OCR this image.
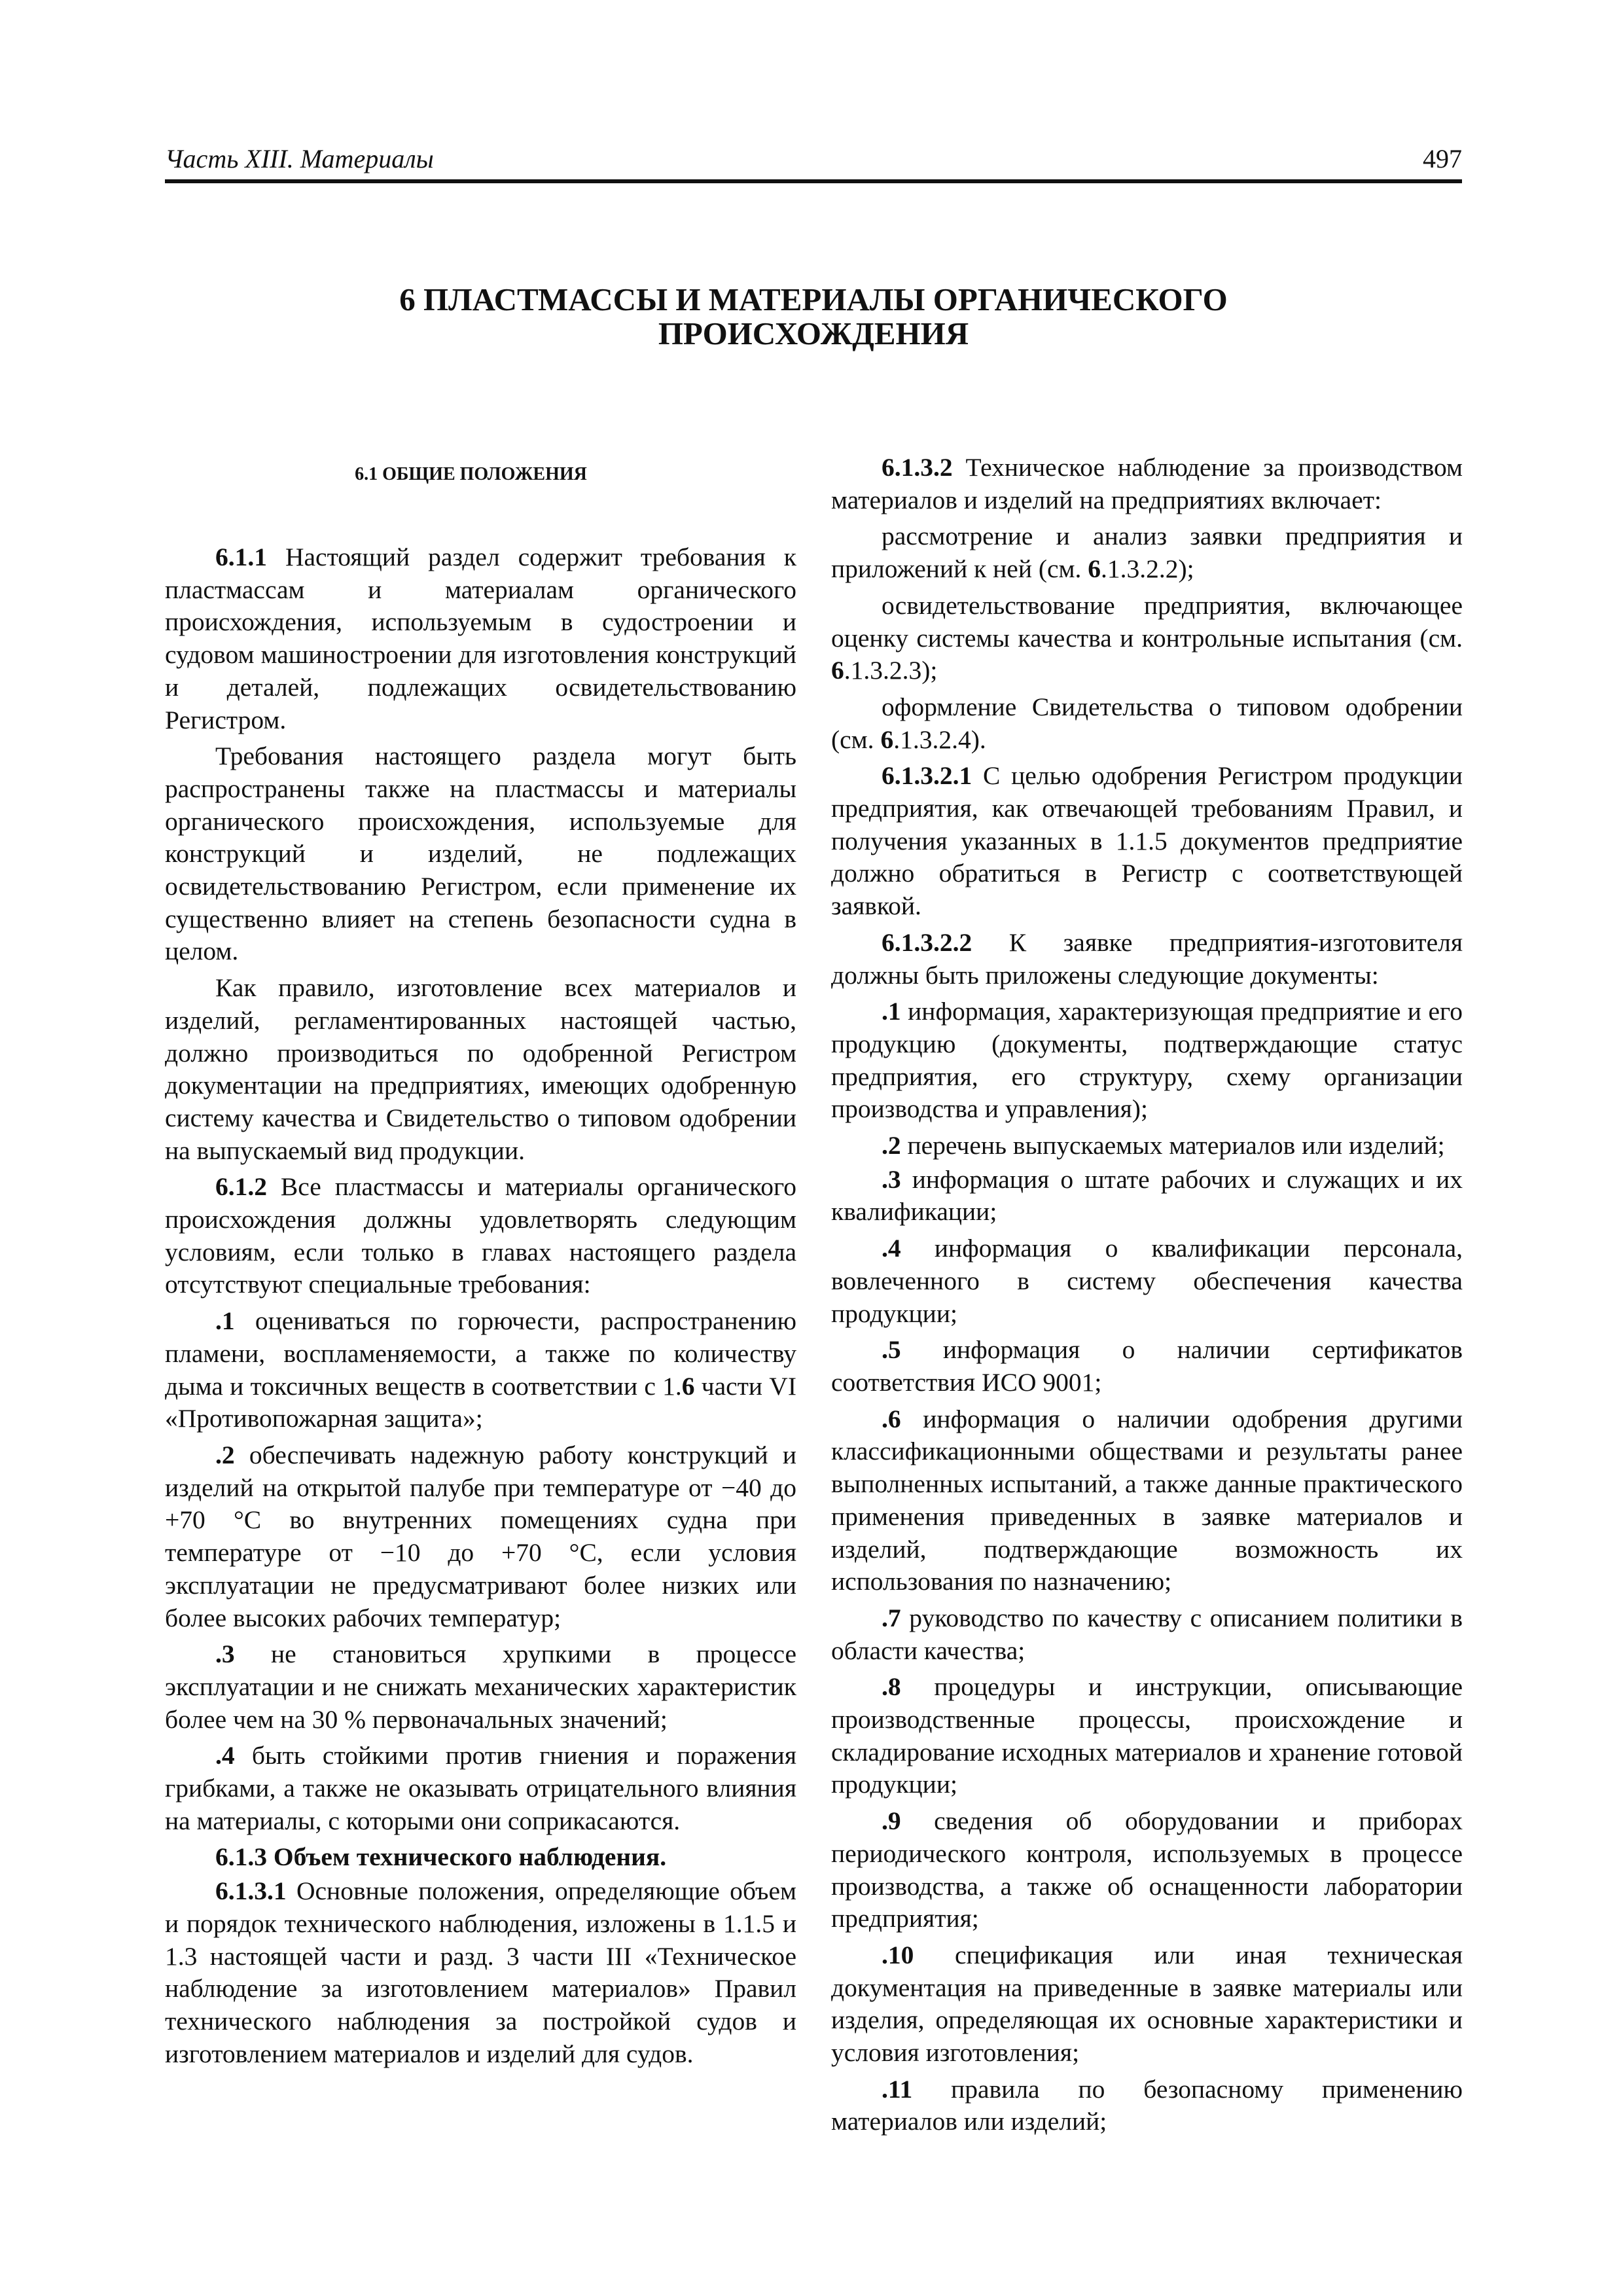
Часть XIII. Материалы	497
6 ПЛАСТМАССЫ И МАТЕРИАЛЫ ОРГАНИЧЕСКОГО
ПРОИСХОЖДЕНИЯ
6.1 ОБЩИЕ ПОЛОЖЕНИЯ

6.1.1 Настоящий раздел содержит требования к пластмассам и материалам органического происхождения, используемым в судостроении и судовом машиностроении для изготовления конструкций и деталей, подлежащих освидетельствованию Регистром.

Требования настоящего раздела могут быть распространены также на пластмассы и материалы органического происхождения, используемые для конструкций и изделий, не подлежащих освидетельствованию Регистром, если применение их существенно влияет на степень безопасности судна в целом.

Как правило, изготовление всех материалов и изделий, регламентированных настоящей частью, должно производиться по одобренной Регистром документации на предприятиях, имеющих одобренную систему качества и Свидетельство о типовом одобрении на выпускаемый вид продукции.

6.1.2 Все пластмассы и материалы органического происхождения должны удовлетворять следующим условиям, если только в главах настоящего раздела отсутствуют специальные требования:

.1 оцениваться по горючести, распространению пламени, воспламеняемости, а также по количеству дыма и токсичных веществ в соответствии с 1.6 части VI «Противопожарная защита»;

.2 обеспечивать надежную работу конструкций и изделий на открытой палубе при температуре от −40 до +70 °C во внутренних помещениях судна при температуре от −10 до +70 °C, если условия эксплуатации не предусматривают более низких или более высоких рабочих температур;

.3 не становиться хрупкими в процессе эксплуатации и не снижать механических характеристик более чем на 30 % первоначальных значений;

.4 быть стойкими против гниения и поражения грибками, а также не оказывать отрицательного влияния на материалы, с которыми они соприкасаются.

6.1.3 Объем технического наблюдения.

6.1.3.1 Основные положения, определяющие объем и порядок технического наблюдения, изложены в 1.1.5 и 1.3 настоящей части и разд. 3 части III «Техническое наблюдение за изготовлением материалов» Правил технического наблюдения за постройкой судов и изготовлением материалов и изделий для судов.

6.1.3.2 Техническое наблюдение за производством материалов и изделий на предприятиях включает:

рассмотрение и анализ заявки предприятия и приложений к ней (см. 6.1.3.2.2);

освидетельствование предприятия, включающее оценку системы качества и контрольные испытания (см. 6.1.3.2.3);

оформление Свидетельства о типовом одобрении (см. 6.1.3.2.4).

6.1.3.2.1 С целью одобрения Регистром продукции предприятия, как отвечающей требованиям Правил, и получения указанных в 1.1.5 документов предприятие должно обратиться в Регистр с соответствующей заявкой.

6.1.3.2.2 К заявке предприятия-изготовителя должны быть приложены следующие документы:

.1 информация, характеризующая предприятие и его продукцию (документы, подтверждающие статус предприятия, его структуру, схему организации производства и управления);

.2 перечень выпускаемых материалов или изделий;

.3 информация о штате рабочих и служащих и их квалификации;

.4 информация о квалификации персонала, вовлеченного в систему обеспечения качества продукции;

.5 информация о наличии сертификатов соответствия ИСО 9001;

.6 информация о наличии одобрения другими классификационными обществами и результаты ранее выполненных испытаний, а также данные практического применения приведенных в заявке материалов и изделий, подтверждающие возможность их использования по назначению;

.7 руководство по качеству с описанием политики в области качества;

.8 процедуры и инструкции, описывающие производственные процессы, происхождение и складирование исходных материалов и хранение готовой продукции;

.9 сведения об оборудовании и приборах периодического контроля, используемых в процессе производства, а также об оснащенности лаборатории предприятия;

.10 спецификация или иная техническая документация на приведенные в заявке материалы или изделия, определяющая их основные характеристики и условия изготовления;

.11 правила по безопасному применению материалов или изделий;
